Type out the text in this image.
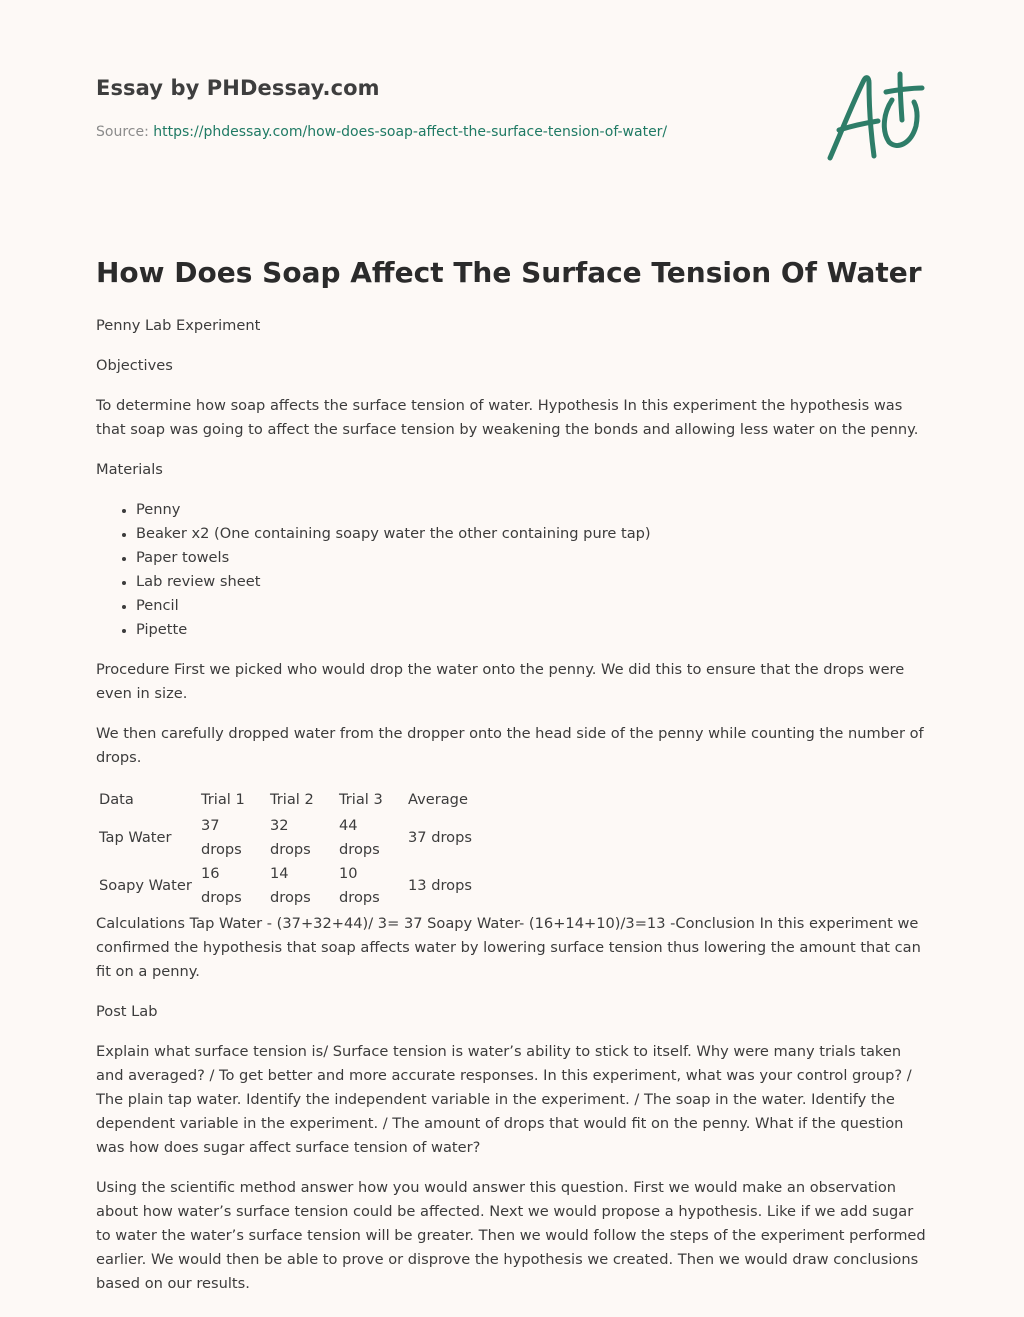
Essay by PHDessay.com
Source: https://phdessay.com/how-does-soap-affect-the-surface-tension-of-water/
How Does Soap Affect The Surface Tension Of Water

Penny Lab Experiment

Objectives

To determine how soap affects the surface tension of water. Hypothesis In this experiment the hypothesis was that soap was going to affect the surface tension by weakening the bonds and allowing less water on the penny.

Materials

• Penny
• Beaker x2 (One containing soapy water the other containing pure tap)
• Paper towels
• Lab review sheet
• Pencil
• Pipette

Procedure First we picked who would drop the water onto the penny. We did this to ensure that the drops were even in size.

We then carefully dropped water from the dropper onto the head side of the penny while counting the number of drops.

Data	Trial 1	Trial 2	Trial 3	Average
Tap Water	37 drops	32 drops	44 drops	37 drops
Soapy Water	16 drops	14 drops	10 drops	13 drops

Calculations Tap Water - (37+32+44)/ 3= 37 Soapy Water- (16+14+10)/3=13 -Conclusion In this experiment we confirmed the hypothesis that soap affects water by lowering surface tension thus lowering the amount that can fit on a penny.

Post Lab

Explain what surface tension is/ Surface tension is water’s ability to stick to itself. Why were many trials taken and averaged? / To get better and more accurate responses. In this experiment, what was your control group? / The plain tap water. Identify the independent variable in the experiment. / The soap in the water. Identify the dependent variable in the experiment. / The amount of drops that would fit on the penny. What if the question was how does sugar affect surface tension of water?

Using the scientific method answer how you would answer this question. First we would make an observation about how water’s surface tension could be affected. Next we would propose a hypothesis. Like if we add sugar to water the water’s surface tension will be greater. Then we would follow the steps of the experiment performed earlier. We would then be able to prove or disprove the hypothesis we created. Then we would draw conclusions based on our results.
